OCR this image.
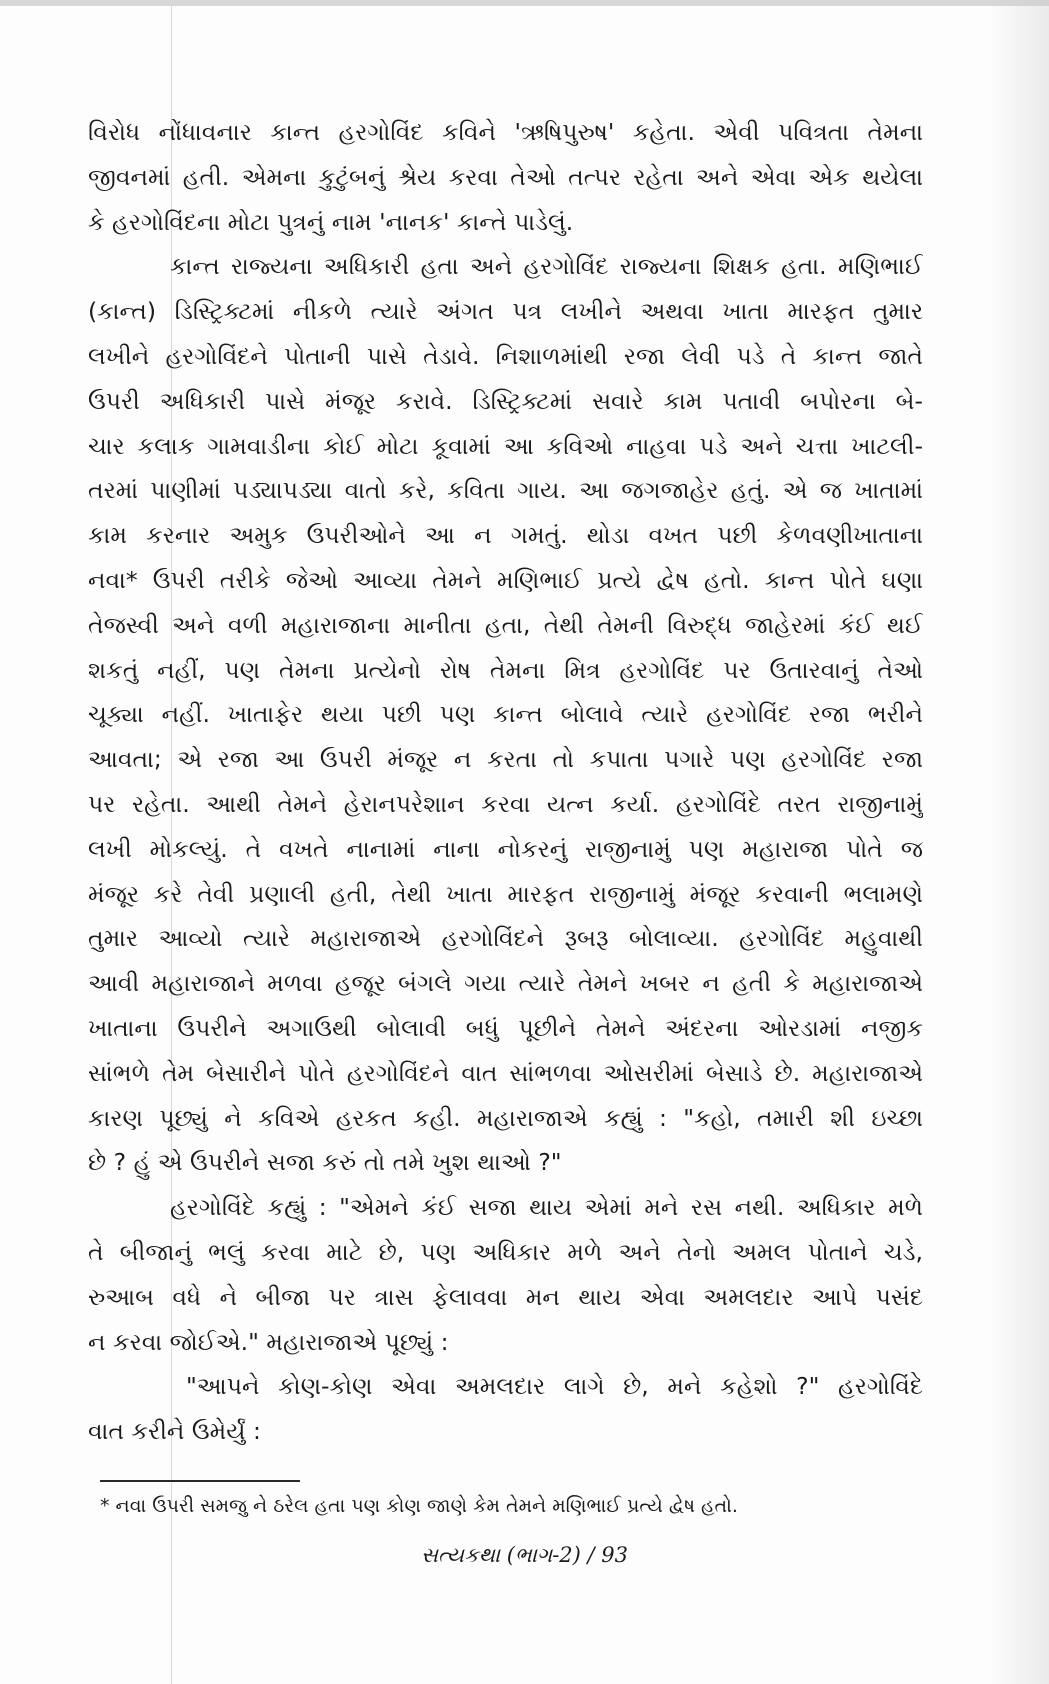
વિરોધ નોંધાવનાર કાન્ત હરગોવિંદ કવિને 'ઋષિપુરુષ' કહેતા. એવી પવિત્રતા તેમના
જીવનમાં હતી. એમના કુટુંબનું શ્રેય કરવા તેઓ તત્પર રહેતા અને એવા એક થયેલા
કે હરગોવિંદના મોટા પુત્રનું નામ 'નાનક' કાન્તે પાડેલું.
કાન્ત રાજ્યના અધિકારી હતા અને હરગોવિંદ રાજ્યના શિક્ષક હતા. મણિભાઈ
(કાન્ત) ડિસ્ટ્રિક્ટમાં નીકળે ત્યારે અંગત પત્ર લખીને અથવા ખાતા મારફત તુમાર
લખીને હરગોવિંદને પોતાની પાસે તેડાવે. નિશાળમાંથી રજા લેવી પડે તે કાન્ત જાતે
ઉપરી અધિકારી પાસે મંજૂર કરાવે. ડિસ્ટ્રિક્ટમાં સવારે કામ પતાવી બપોરના બે-
ચાર કલાક ગામવાડીના કોઈ મોટા કૂવામાં આ કવિઓ નાહવા પડે અને ચત્તા ખાટલી-
તરમાં પાણીમાં પડ્યાપડ્યા વાતો કરે, કવિતા ગાય. આ જગજાહેર હતું. એ જ ખાતામાં
કામ કરનાર અમુક ઉપરીઓને આ ન ગમતું. થોડા વખત પછી કેળવણીખાતાના
નવા* ઉપરી તરીકે જેઓ આવ્યા તેમને મણિભાઈ પ્રત્યે દ્વેષ હતો. કાન્ત પોતે ઘણા
તેજસ્વી અને વળી મહારાજાના માનીતા હતા, તેથી તેમની વિરુદ્ધ જાહેરમાં કંઈ થઈ
શકતું નહીં, પણ તેમના પ્રત્યેનો રોષ તેમના મિત્ર હરગોવિંદ પર ઉતારવાનું તેઓ
ચૂક્યા નહીં. ખાતાફેર થયા પછી પણ કાન્ત બોલાવે ત્યારે હરગોવિંદ રજા ભરીને
આવતા; એ રજા આ ઉપરી મંજૂર ન કરતા તો કપાતા પગારે પણ હરગોવિંદ રજા
પર રહેતા. આથી તેમને હેરાનપરેશાન કરવા યત્ન કર્યા. હરગોવિંદે તરત રાજીનામું
લખી મોકલ્યું. તે વખતે નાનામાં નાના નોકરનું રાજીનામું પણ મહારાજા પોતે જ
મંજૂર કરે તેવી પ્રણાલી હતી, તેથી ખાતા મારફત રાજીનામું મંજૂર કરવાની ભલામણે
તુમાર આવ્યો ત્યારે મહારાજાએ હરગોવિંદને રૂબરૂ બોલાવ્યા. હરગોવિંદ મહુવાથી
આવી મહારાજાને મળવા હજૂર બંગલે ગયા ત્યારે તેમને ખબર ન હતી કે મહારાજાએ
ખાતાના ઉપરીને અગાઉથી બોલાવી બધું પૂછીને તેમને અંદરના ઓરડામાં નજીક
સાંભળે તેમ બેસારીને પોતે હરગોવિંદને વાત સાંભળવા ઓસરીમાં બેસાડે છે. મહારાજાએ
કારણ પૂછ્યું ને કવિએ હરકત કહી. મહારાજાએ કહ્યું : "કહો, તમારી શી ઇચ્છા
છે ? હું એ ઉપરીને સજા કરું તો તમે ખુશ થાઓ ?"
હરગોવિંદે કહ્યું : "એમને કંઈ સજા થાય એમાં મને રસ નથી. અધિકાર મળે
તે બીજાનું ભલું કરવા માટે છે, પણ અધિકાર મળે અને તેનો અમલ પોતાને ચડે,
રુઆબ વધે ને બીજા પર ત્રાસ ફેલાવવા મન થાય એવા અમલદાર આપે પસંદ
ન કરવા જોઈએ." મહારાજાએ પૂછ્યું :
"આપને કોણ-કોણ એવા અમલદાર લાગે છે, મને કહેશો ?" હરગોવિંદે
વાત કરીને ઉમેર્યું :
* નવા ઉપરી સમજુ ને ઠરેલ હતા પણ કોણ જાણે કેમ તેમને મણિભાઈ પ્રત્યે દ્વેષ હતો.
સત્યકથા (ભાગ-2) / 93
